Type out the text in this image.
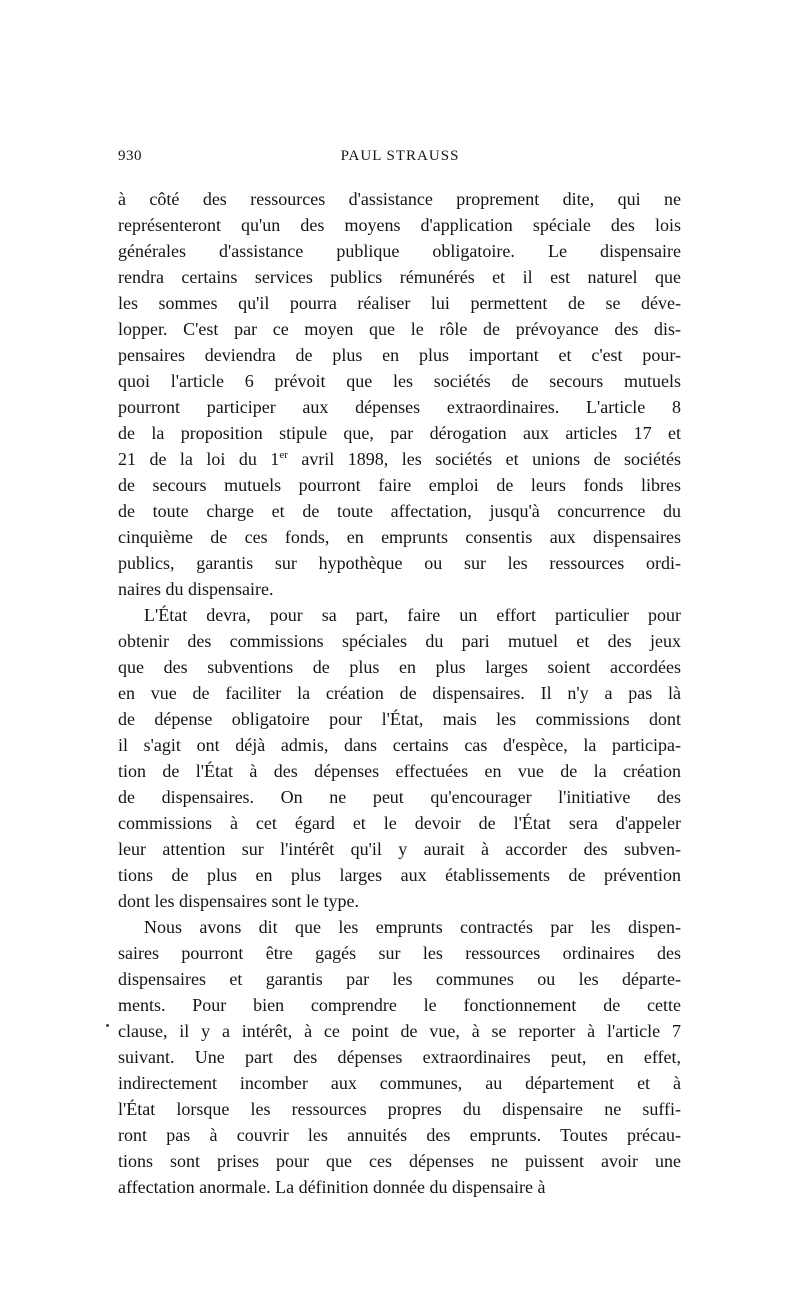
930	PAUL STRAUSS
à côté des ressources d'assistance proprement dite, qui ne
représenteront qu'un des moyens d'application spéciale des lois
générales d'assistance publique obligatoire. Le dispensaire
rendra certains services publics rémunérés et il est naturel que
les sommes qu'il pourra réaliser lui permettent de se déve-
lopper. C'est par ce moyen que le rôle de prévoyance des dis-
pensaires deviendra de plus en plus important et c'est pour-
quoi l'article 6 prévoit que les sociétés de secours mutuels
pourront participer aux dépenses extraordinaires. L'article 8
de la proposition stipule que, par dérogation aux articles 17 et
21 de la loi du 1er avril 1898, les sociétés et unions de sociétés
de secours mutuels pourront faire emploi de leurs fonds libres
de toute charge et de toute affectation, jusqu'à concurrence du
cinquième de ces fonds, en emprunts consentis aux dispensaires
publics, garantis sur hypothèque ou sur les ressources ordi-
naires du dispensaire.
L'État devra, pour sa part, faire un effort particulier pour
obtenir des commissions spéciales du pari mutuel et des jeux
que des subventions de plus en plus larges soient accordées
en vue de faciliter la création de dispensaires. Il n'y a pas là
de dépense obligatoire pour l'État, mais les commissions dont
il s'agit ont déjà admis, dans certains cas d'espèce, la participa-
tion de l'État à des dépenses effectuées en vue de la création
de dispensaires. On ne peut qu'encourager l'initiative des
commissions à cet égard et le devoir de l'État sera d'appeler
leur attention sur l'intérêt qu'il y aurait à accorder des subven-
tions de plus en plus larges aux établissements de prévention
dont les dispensaires sont le type.
Nous avons dit que les emprunts contractés par les dispen-
saires pourront être gagés sur les ressources ordinaires des
dispensaires et garantis par les communes ou les départe-
ments. Pour bien comprendre le fonctionnement de cette
clause, il y a intérêt, à ce point de vue, à se reporter à l'article 7
suivant. Une part des dépenses extraordinaires peut, en effet,
indirectement incomber aux communes, au département et à
l'État lorsque les ressources propres du dispensaire ne suffi-
ront pas à couvrir les annuités des emprunts. Toutes précau-
tions sont prises pour que ces dépenses ne puissent avoir une
affectation anormale. La définition donnée du dispensaire à
